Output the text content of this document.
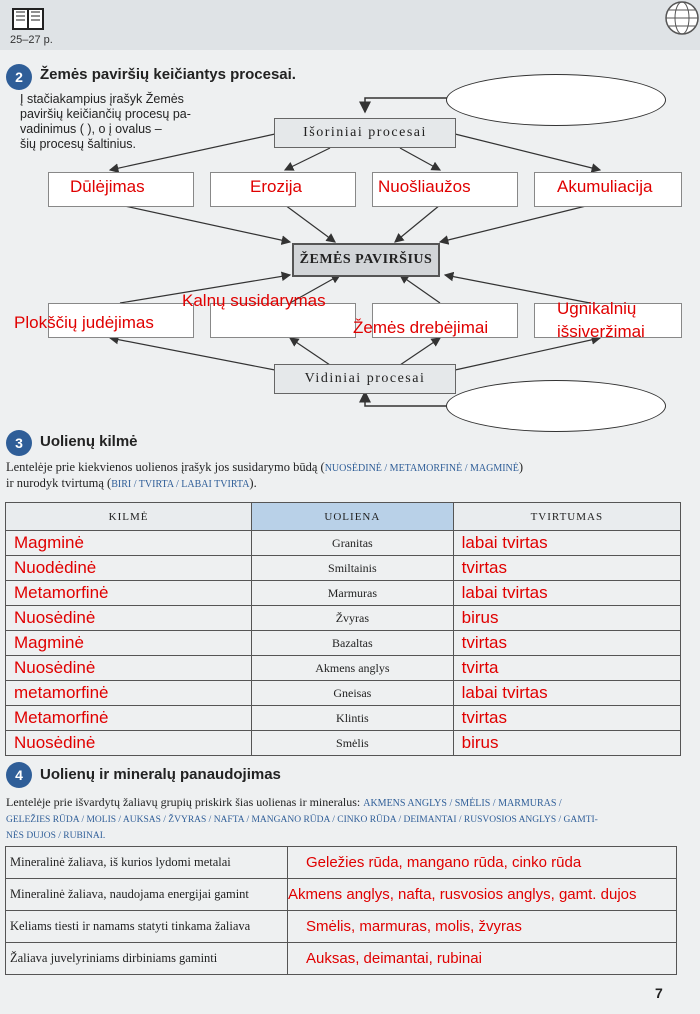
25–27 p.
2	Žemės paviršių keičiantys procesai.
Į stačiakampius įrašyk Žemės
paviršių keičiančių procesų pa-
vadinimus ( ), o į ovalus –
šių procesų šaltinius.
Išoriniai procesai
Dūlėjimas	Erozija	Nuošliaužos	Akumuliacija
ŽEMĖS PAVIRŠIUS
Plokščių judėjimas
Kalnų susidarymas
Žemės drebėjimai
Ugnikalnių
išsiveržimai
Vidiniai procesai
3	Uolienų kilmė
Lentelėje prie kiekvienos uolienos įrašyk jos susidarymo būdą (NUOSĖDINĖ / METAMORFINĖ / MAGMINĖ)
ir nurodyk tvirtumą (BIRI / TVIRTA / LABAI TVIRTA).
KILMĖ	UOLIENA	TVIRTUMAS
Magminė	Granitas	labai tvirtas
Nuodėdinė	Smiltainis	tvirtas
Metamorfinė	Marmuras	labai tvirtas
Nuosėdinė	Žvyras	birus
Magminė	Bazaltas	tvirtas
Nuosėdinė	Akmens anglys	tvirta
metamorfinė	Gneisas	labai tvirtas
Metamorfinė	Klintis	tvirtas
Nuosėdinė	Smėlis	birus
4	Uolienų ir mineralų panaudojimas
Lentelėje prie išvardytų žaliavų grupių priskirk šias uolienas ir mineralus: AKMENS ANGLYS / SMĖLIS / MARMURAS /
GELEŽIES RŪDA / MOLIS / AUKSAS / ŽVYRAS / NAFTA / MANGANO RŪDA / CINKO RŪDA / DEIMANTAI / RUSVOSIOS ANGLYS / GAMTI-
NĖS DUJOS / RUBINAI.
Mineralinė žaliava, iš kurios lydomi metalai	Geležies rūda, mangano rūda, cinko rūda
Mineralinė žaliava, naudojama energijai gamint	Akmens anglys, nafta, rusvosios anglys, gamt. dujos
Keliams tiesti ir namams statyti tinkama žaliava	Smėlis, marmuras, molis, žvyras
Žaliava juvelyriniams dirbiniams gaminti	Auksas, deimantai, rubinai
7
